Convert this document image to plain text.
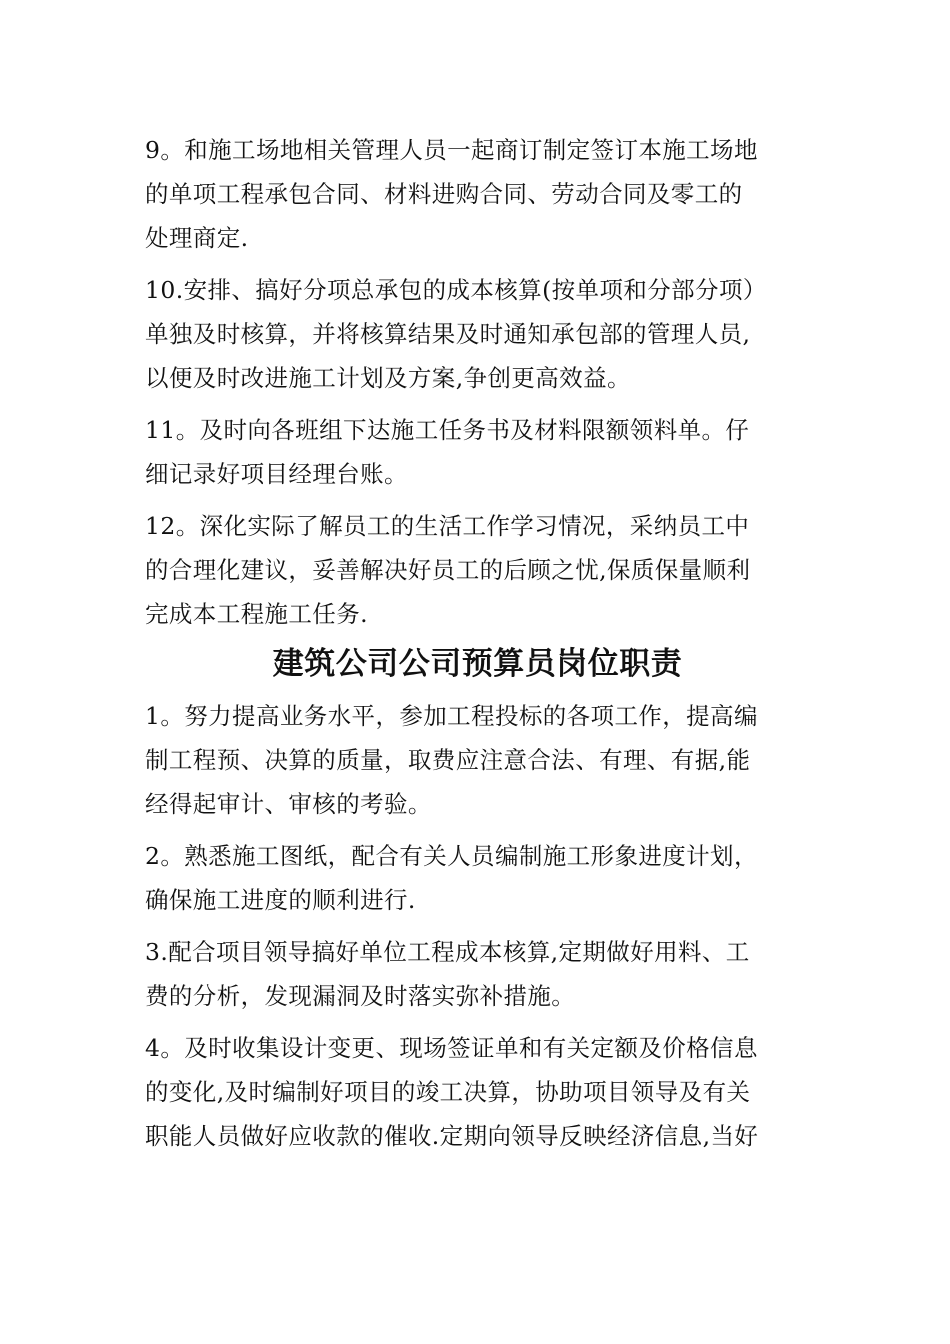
9。和施工场地相关管理人员一起商订制定签订本施工场地
的单项工程承包合同、材料进购合同、劳动合同及零工的
处理商定.

10.安排、搞好分项总承包的成本核算(按单项和分部分项）
单独及时核算，并将核算结果及时通知承包部的管理人员,
以便及时改进施工计划及方案,争创更高效益。

11。及时向各班组下达施工任务书及材料限额领料单。仔
细记录好项目经理台账。

12。深化实际了解员工的生活工作学习情况，采纳员工中
的合理化建议，妥善解决好员工的后顾之忧,保质保量顺利
完成本工程施工任务.

建筑公司公司预算员岗位职责

1。努力提高业务水平，参加工程投标的各项工作，提高编
制工程预、决算的质量，取费应注意合法、有理、有据,能
经得起审计、审核的考验。

2。熟悉施工图纸，配合有关人员编制施工形象进度计划，
确保施工进度的顺利进行.

3.配合项目领导搞好单位工程成本核算,定期做好用料、工
费的分析，发现漏洞及时落实弥补措施。

4。及时收集设计变更、现场签证单和有关定额及价格信息
的变化,及时编制好项目的竣工决算，协助项目领导及有关
职能人员做好应收款的催收.定期向领导反映经济信息,当好
